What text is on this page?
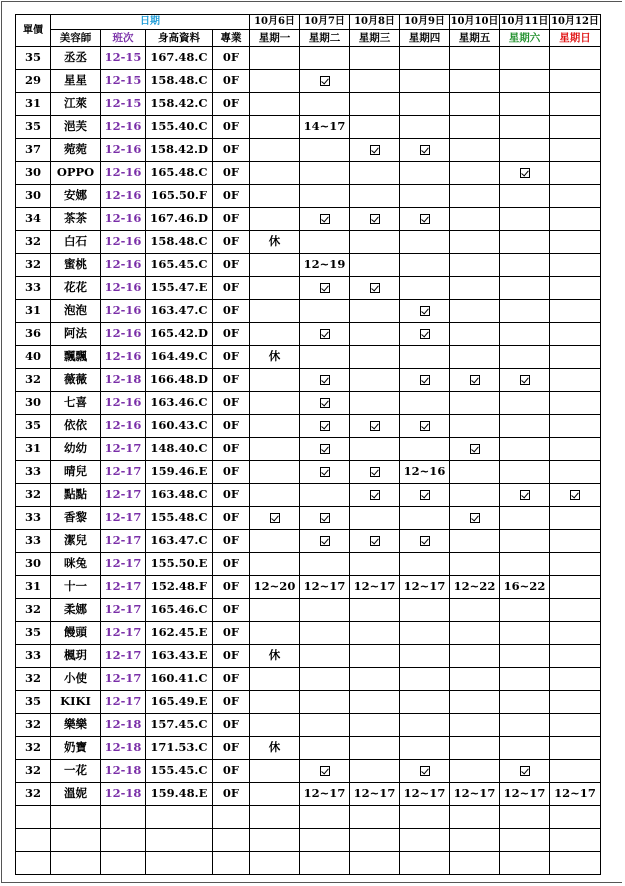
單價	日期				10月6日	10月7日	10月8日	10月9日	10月10日	10月11日	10月12日
	美容師	班次	身高資料	專業	星期一	星期二	星期三	星期四	星期五	星期六	星期日
35	丞丞	12-15	167.48.C	0F							
29	星星	12-15	158.48.C	0F							
31	江萊	12-15	158.42.C	0F							
35	浥芙	12-16	155.40.C	0F		14~17					
37	菀菀	12-16	158.42.D	0F							
30	OPPO	12-16	165.48.C	0F							
30	安娜	12-16	165.50.F	0F							
34	茶茶	12-16	167.46.D	0F							
32	白石	12-16	158.48.C	0F	休						
32	蜜桃	12-16	165.45.C	0F		12~19					
33	花花	12-16	155.47.E	0F							
31	泡泡	12-16	163.47.C	0F							
36	阿法	12-16	165.42.D	0F							
40	飄飄	12-16	164.49.C	0F	休						
32	薇薇	12-18	166.48.D	0F							
30	七喜	12-16	163.46.C	0F							
35	依依	12-16	160.43.C	0F							
31	幼幼	12-17	148.40.C	0F							
33	晴兒	12-17	159.46.E	0F				12~16			
32	點點	12-17	163.48.C	0F							
33	香黎	12-17	155.48.C	0F							
33	潔兒	12-17	163.47.C	0F							
30	咪兔	12-17	155.50.E	0F							
31	十一	12-17	152.48.F	0F	12~20	12~17	12~17	12~17	12~22	16~22	
32	柔娜	12-17	165.46.C	0F							
35	饅頭	12-17	162.45.E	0F							
33	楓玥	12-17	163.43.E	0F	休						
32	小使	12-17	160.41.C	0F							
35	KIKI	12-17	165.49.E	0F							
32	樂樂	12-18	157.45.C	0F							
32	奶寶	12-18	171.53.C	0F	休						
32	一花	12-18	155.45.C	0F							
32	溫妮	12-18	159.48.E	0F		12~17	12~17	12~17	12~17	12~17	12~17
